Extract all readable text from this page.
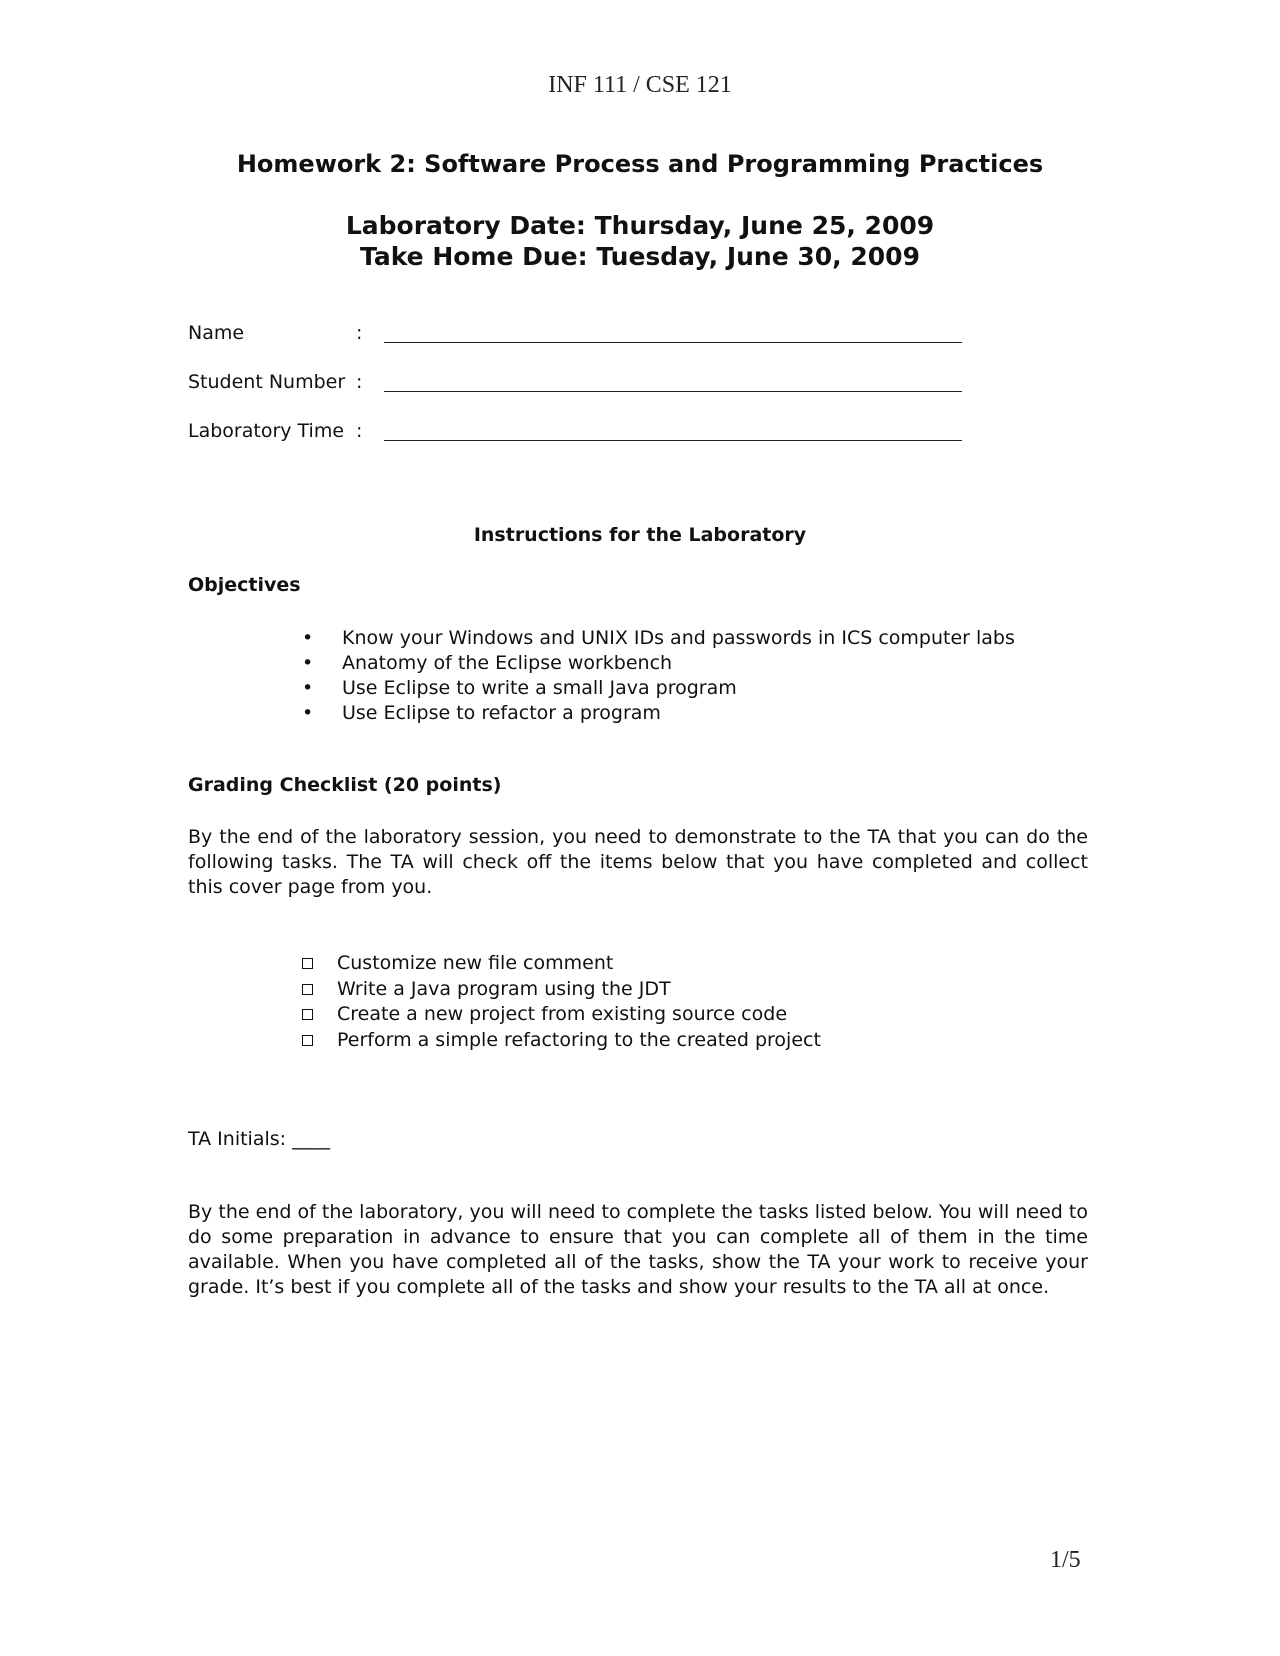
INF 111 / CSE 121
Homework 2: Software Process and Programming Practices
Laboratory Date: Thursday, June 25, 2009
Take Home Due: Tuesday, June 30, 2009
Name	:
Student Number :
Laboratory Time :
Instructions for the Laboratory
Objectives
•	Know your Windows and UNIX IDs and passwords in ICS computer labs
•	Anatomy of the Eclipse workbench
•	Use Eclipse to write a small Java program
•	Use Eclipse to refactor a program
Grading Checklist (20 points)
By the end of the laboratory session, you need to demonstrate to the TA that you can do the following tasks. The TA will check off the items below that you have completed and collect this cover page from you.
Customize new file comment
Write a Java program using the JDT
Create a new project from existing source code
Perform a simple refactoring to the created project
TA Initials: ____
By the end of the laboratory, you will need to complete the tasks listed below. You will need to do some preparation in advance to ensure that you can complete all of them in the time available. When you have completed all of the tasks, show the TA your work to receive your grade. It’s best if you complete all of the tasks and show your results to the TA all at once.
1/5
